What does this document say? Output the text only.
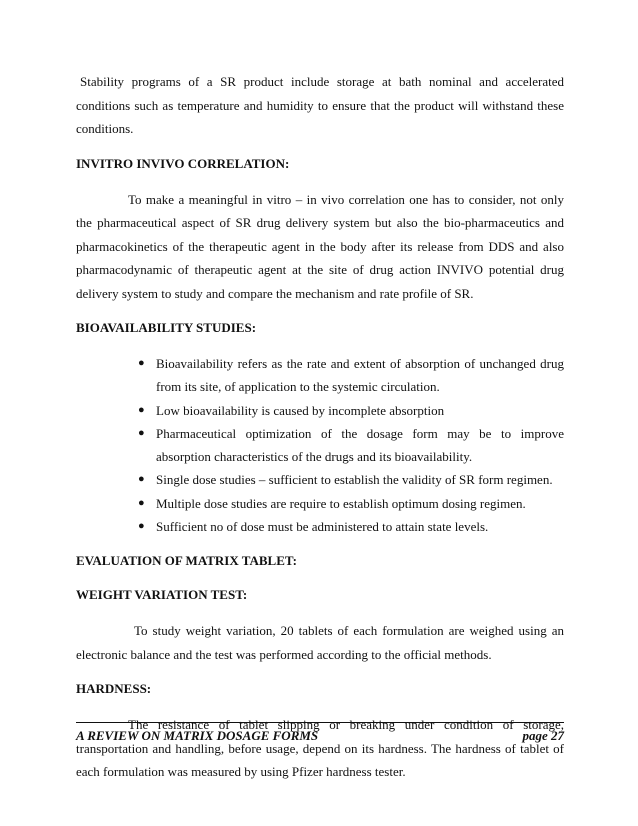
Stability programs of a SR product include storage at bath nominal and accelerated conditions such as temperature and humidity to ensure that the product will withstand these conditions.

INVITRO INVIVO CORRELATION:

To make a meaningful in vitro – in vivo correlation one has to consider, not only the pharmaceutical aspect of SR drug delivery system but also the bio-pharmaceutics and pharmacokinetics of the therapeutic agent in the body after its release from DDS and also pharmacodynamic of therapeutic agent at the site of drug action INVIVO potential drug delivery system to study and compare the mechanism and rate profile of SR.

BIOAVAILABILITY STUDIES:

● Bioavailability refers as the rate and extent of absorption of unchanged drug from its site, of application to the systemic circulation.
● Low bioavailability is caused by incomplete absorption
● Pharmaceutical optimization of the dosage form may be to improve absorption characteristics of the drugs and its bioavailability.
● Single dose studies – sufficient to establish the validity of SR form regimen.
● Multiple dose studies are require to establish optimum dosing regimen.
● Sufficient no of dose must be administered to attain state levels.

EVALUATION OF MATRIX TABLET:

WEIGHT VARIATION TEST:

To study weight variation, 20 tablets of each formulation are weighed using an electronic balance and the test was performed according to the official methods.

HARDNESS:

The resistance of tablet slipping or breaking under condition of storage, transportation and handling, before usage, depend on its hardness. The hardness of tablet of each formulation was measured by using Pfizer hardness tester.

A REVIEW ON MATRIX DOSAGE FORMS	page 27
